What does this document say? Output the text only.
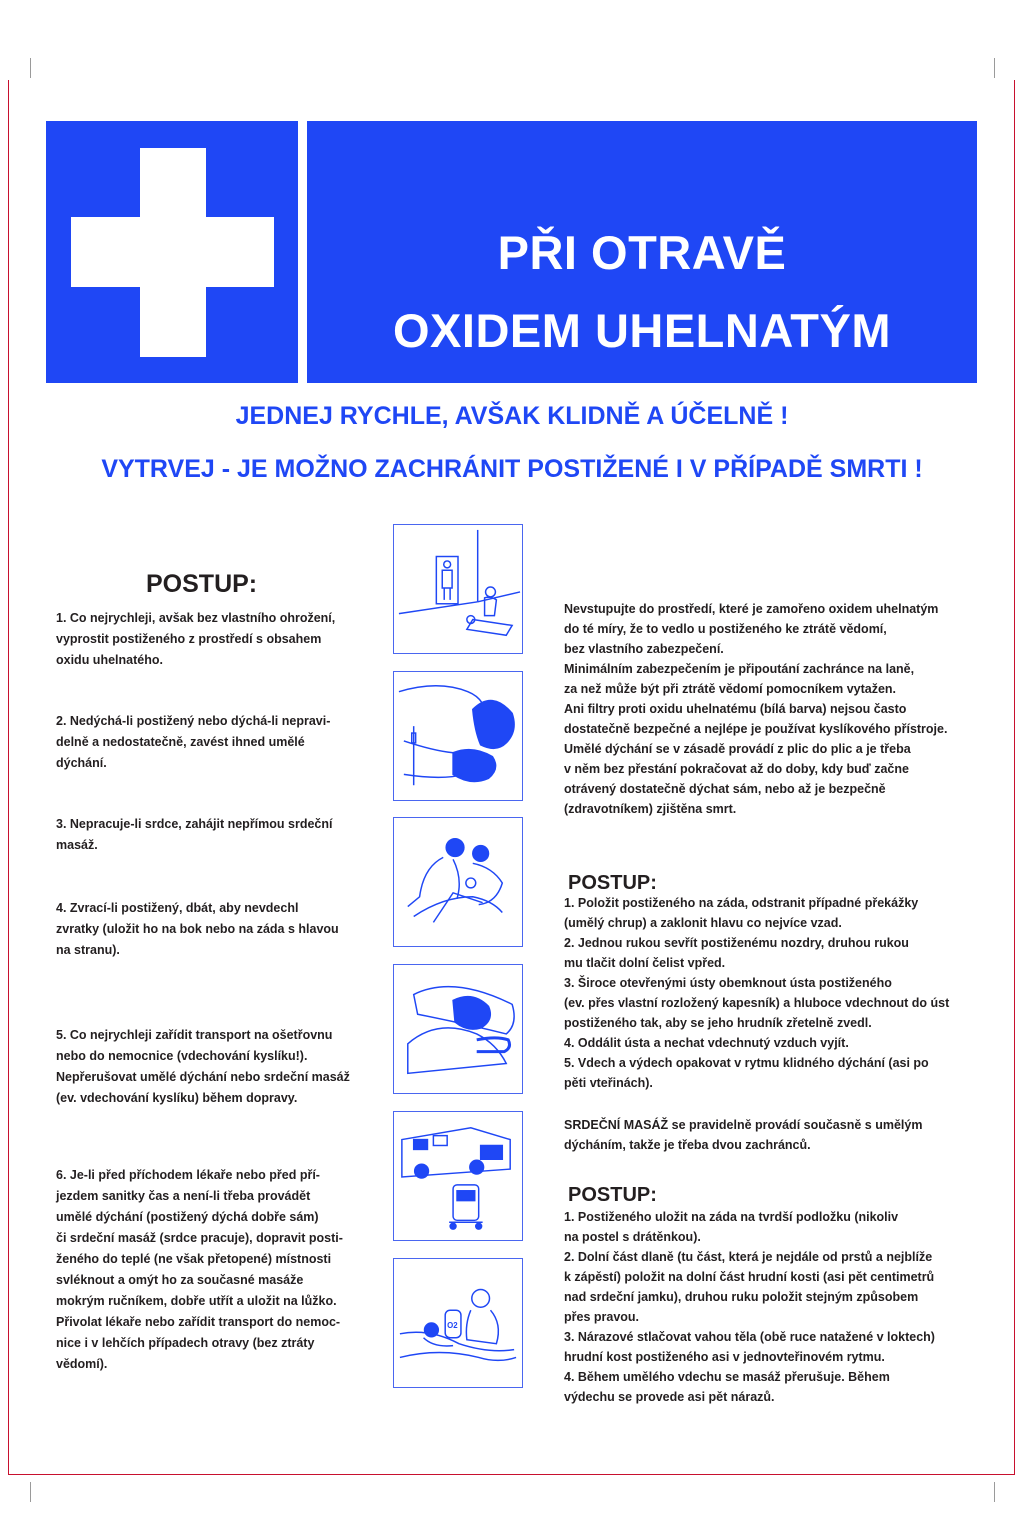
PRVNÍ POMOC
PŘI OTRAVĚ
OXIDEM UHELNATÝM
JEDNEJ RYCHLE, AVŠAK KLIDNĚ A ÚČELNĚ !
VYTRVEJ - JE MOŽNO ZACHRÁNIT POSTIŽENÉ I V PŘÍPADĚ SMRTI !
POSTUP:
1. Co nejrychleji, avšak bez vlastního ohrožení,
vyprostit postiženého z prostředí s obsahem
oxidu uhelnatého.
2. Nedýchá-li postižený nebo dýchá-li nepravi-
delně a nedostatečně, zavést ihned umělé
dýchání.
3. Nepracuje-li srdce, zahájit nepřímou srdeční
masáž.
4. Zvrací-li postižený, dbát, aby nevdechl
zvratky (uložit ho na bok nebo na záda s hlavou
na stranu).
5. Co nejrychleji zařídit transport na ošetřovnu
nebo do nemocnice (vdechování kyslíku!).
Nepřerušovat umělé dýchání nebo srdeční masáž
(ev. vdechování kyslíku) během dopravy.
6. Je-li před příchodem lékaře nebo před pří-
jezdem sanitky čas a není-li třeba provádět
umělé dýchání (postižený dýchá dobře sám)
či srdeční masáž (srdce pracuje), dopravit posti-
ženého do teplé (ne však přetopené) místnosti
svléknout a omýt ho za současné masáže
mokrým ručníkem, dobře utřít a uložit na lůžko.
Přivolat lékaře nebo zařídit transport do nemoc-
nice i v lehčích případech otravy (bez ztráty
vědomí).
O2
Nevstupujte do prostředí, které je zamořeno oxidem uhelnatým
do té míry, že to vedlo u postiženého ke ztrátě vědomí,
bez vlastního zabezpečení.
Minimálním zabezpečením je připoutání zachránce na laně,
za než může být při ztrátě vědomí pomocníkem vytažen.
Ani filtry proti oxidu uhelnatému (bílá barva) nejsou často
dostatečně bezpečné a nejlépe je používat kyslíkového přístroje.
Umělé dýchání se v zásadě provádí z plic do plic a je třeba
v něm bez přestání pokračovat až do doby, kdy buď začne
otrávený dostatečně dýchat sám, nebo až je bezpečně
(zdravotníkem) zjištěna smrt.
POSTUP:
1. Položit postiženého na záda, odstranit případné překážky
(umělý chrup) a zaklonit hlavu co nejvíce vzad.
2. Jednou rukou sevřít postiženému nozdry, druhou rukou
mu tlačit dolní čelist vpřed.
3. Široce otevřenými ústy obemknout ústa postiženého
(ev. přes vlastní rozložený kapesník) a hluboce vdechnout do úst
postiženého tak, aby se jeho hrudník zřetelně zvedl.
4. Oddálit ústa a nechat vdechnutý vzduch vyjít.
5. Vdech a výdech opakovat v rytmu klidného dýchání (asi po
pěti vteřinách).
SRDEČNÍ MASÁŽ se pravidelně provádí současně s umělým
dýcháním, takže je třeba dvou zachránců.
POSTUP:
1. Postiženého uložit na záda na tvrdší podložku (nikoliv
na postel s drátěnkou).
2. Dolní část dlaně (tu část, která je nejdále od prstů a nejblíže
k zápěstí) položit na dolní část hrudní kosti (asi pět centimetrů
nad srdeční jamku), druhou ruku položit stejným způsobem
přes pravou.
3. Nárazové stlačovat vahou těla (obě ruce natažené v loktech)
hrudní kost postiženého asi v jednovteřinovém rytmu.
4. Během umělého vdechu se masáž přerušuje. Během
výdechu se provede asi pět nárazů.
